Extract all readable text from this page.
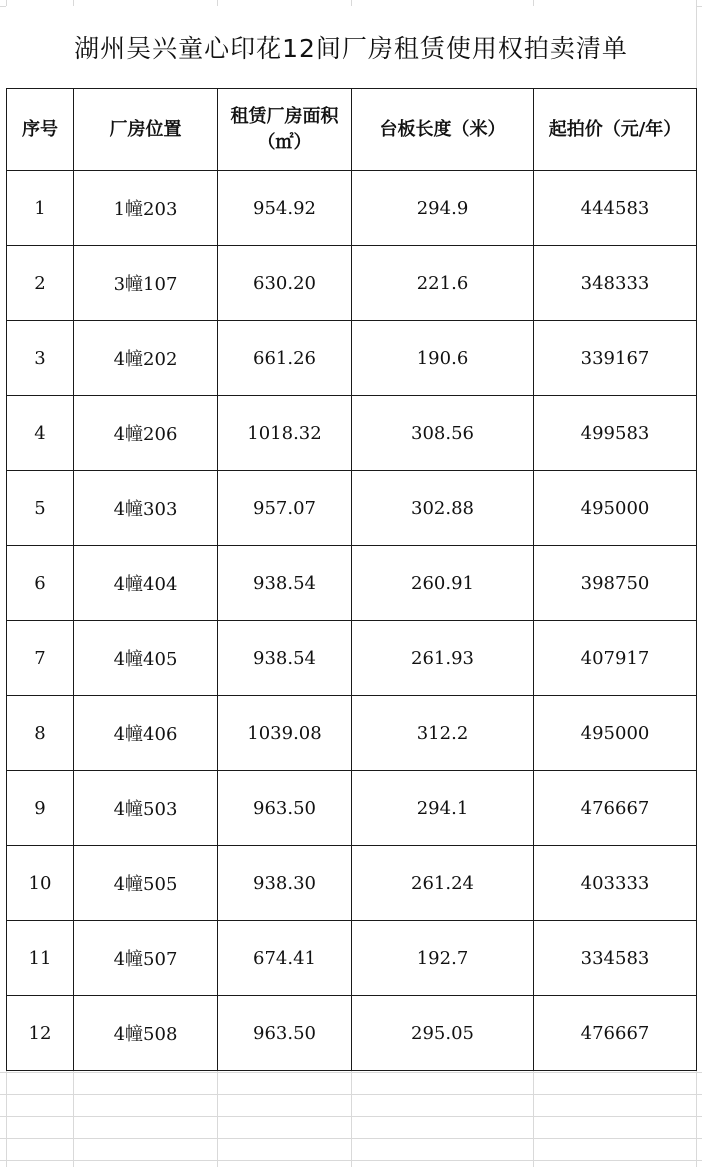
湖州吴兴童心印花12间厂房租赁使用权拍卖清单
序号	厂房位置	租赁厂房面积（㎡）	台板长度（米）	起拍价（元/年）
1	1幢203	954.92	294.9	444583
2	3幢107	630.20	221.6	348333
3	4幢202	661.26	190.6	339167
4	4幢206	1018.32	308.56	499583
5	4幢303	957.07	302.88	495000
6	4幢404	938.54	260.91	398750
7	4幢405	938.54	261.93	407917
8	4幢406	1039.08	312.2	495000
9	4幢503	963.50	294.1	476667
10	4幢505	938.30	261.24	403333
11	4幢507	674.41	192.7	334583
12	4幢508	963.50	295.05	476667
